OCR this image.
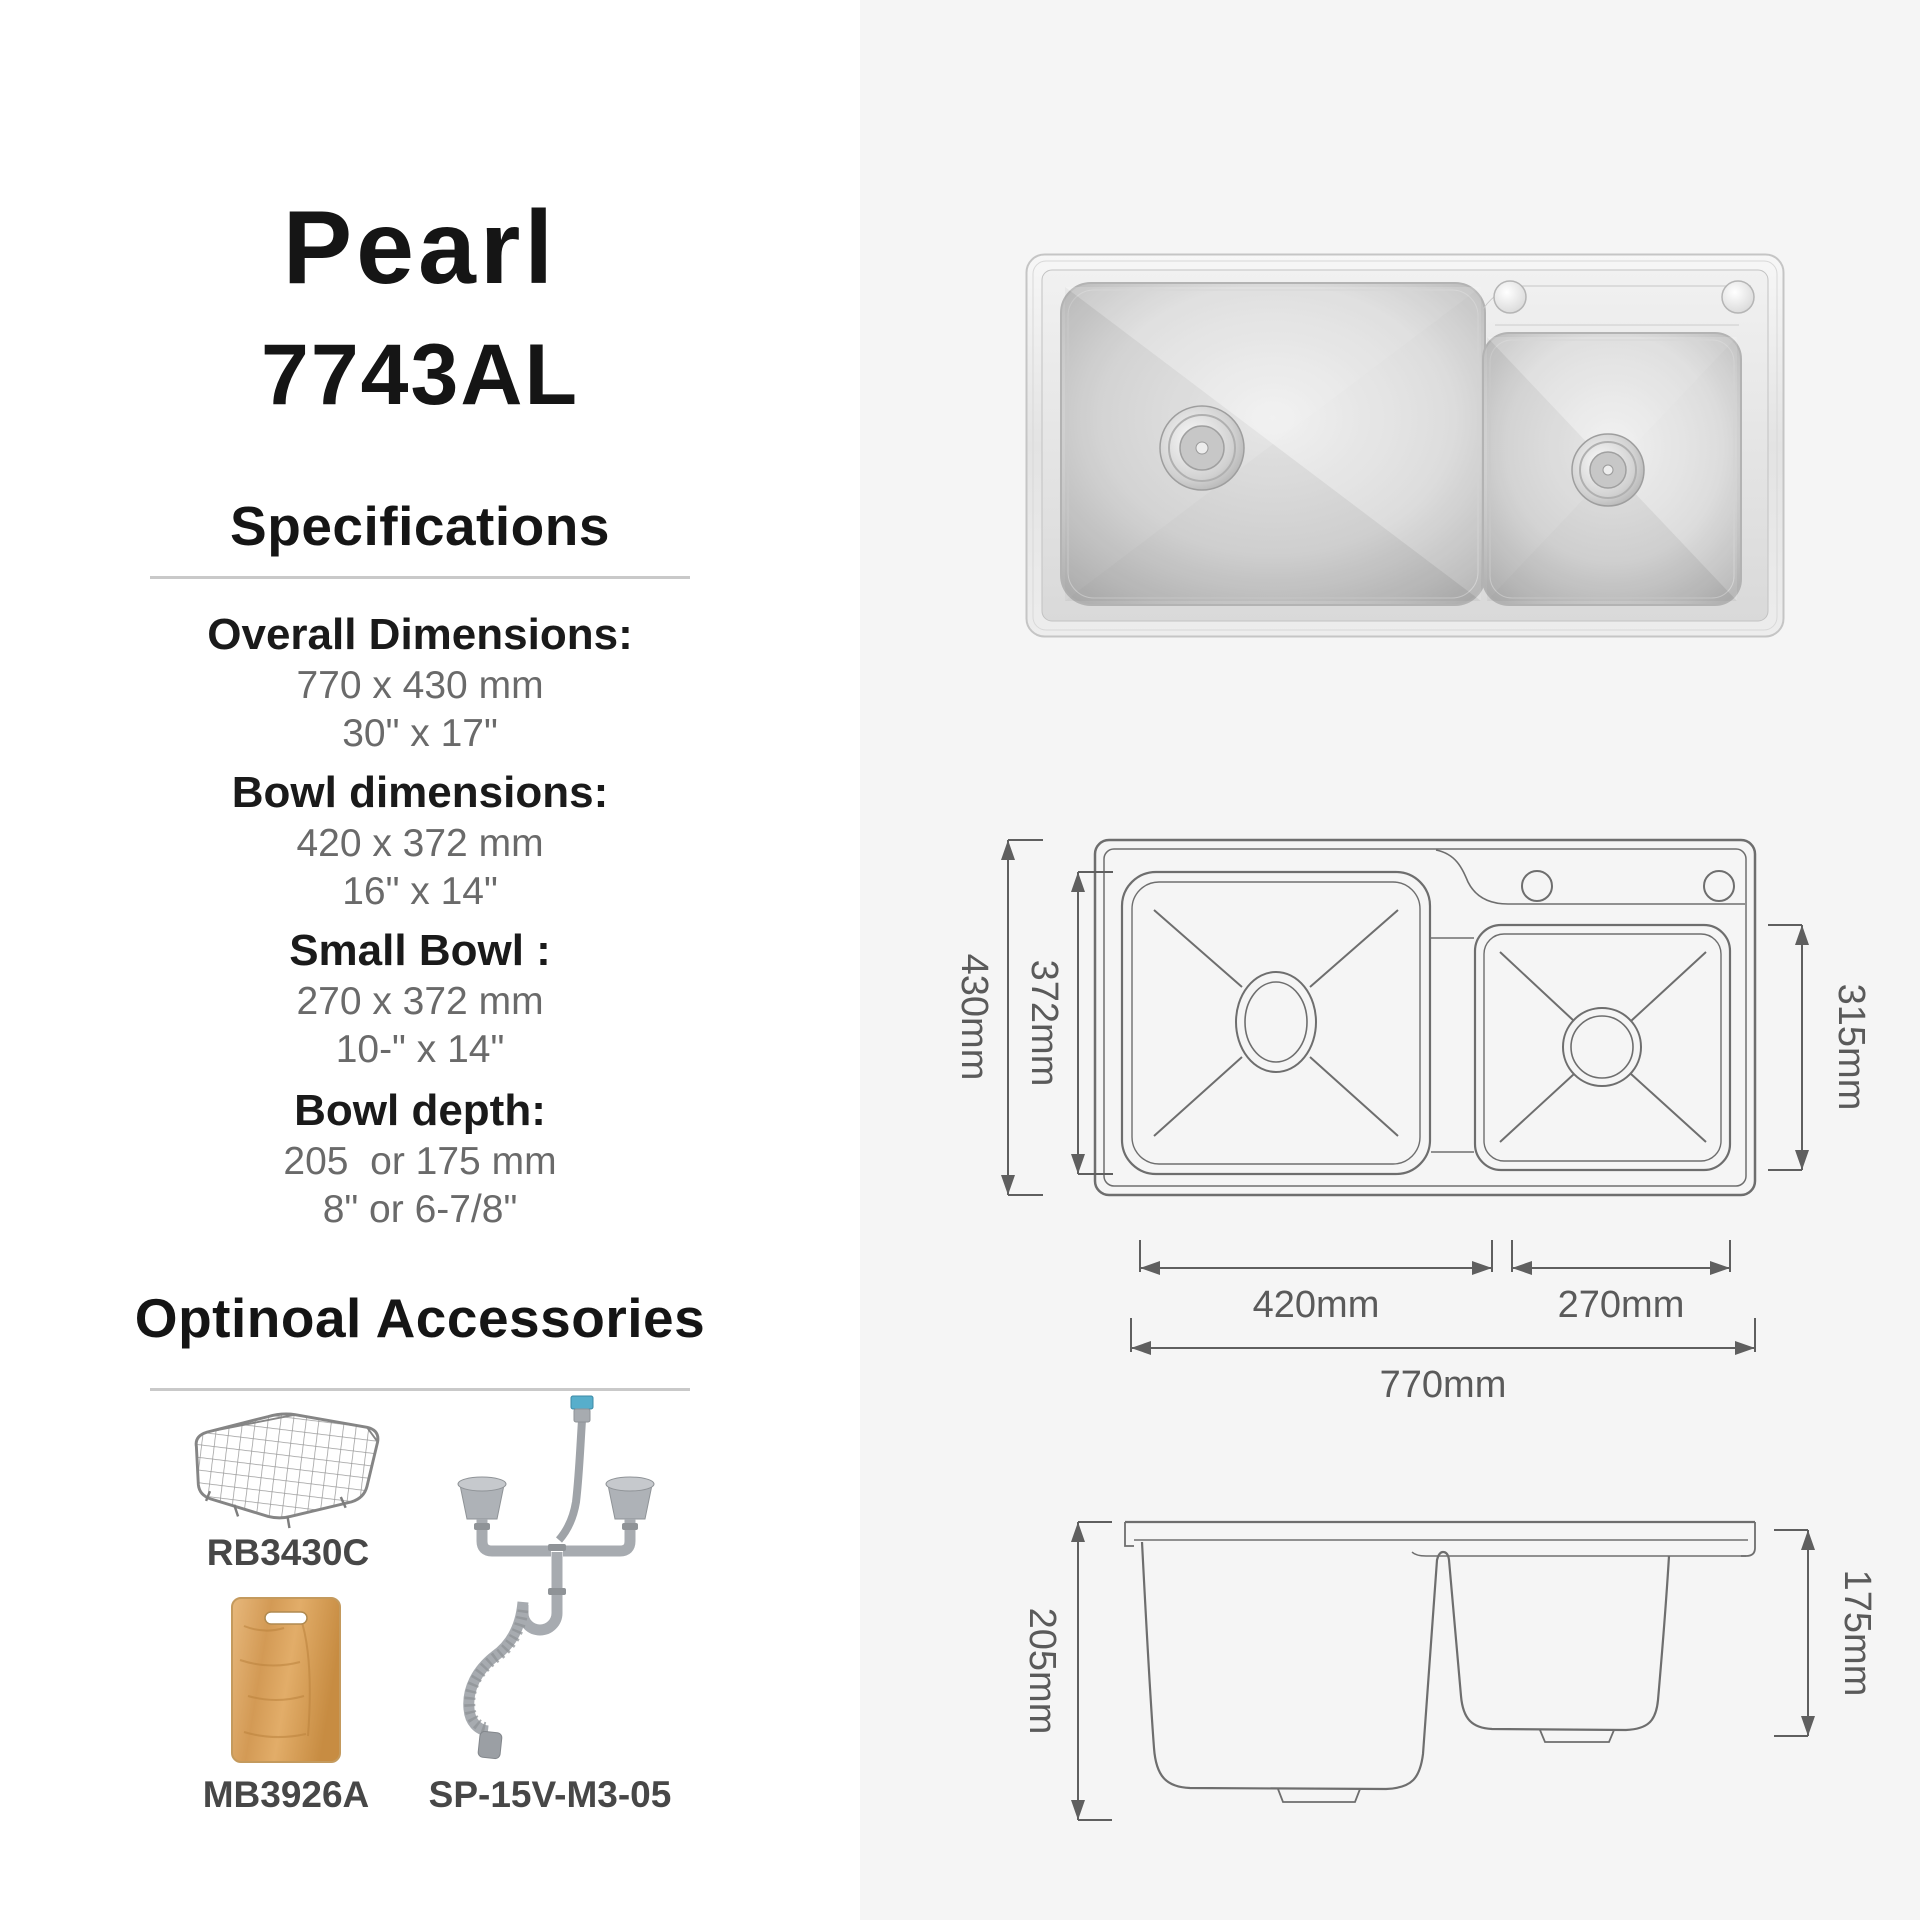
Pearl
7743AL
Specifications
Overall Dimensions:
770 x 430 mm
30" x 17"
Bowl dimensions:
420 x 372 mm
16" x 14"
Small Bowl :
270 x 372 mm
10-" x 14"
Bowl depth:
205  or 175 mm
8" or 6-7/8"
Optinoal Accessories
RB3430C
MB3926A	SP-15V-M3-05
430mm 372mm	315mm
420mm	270mm
770mm
205mm	175mm
